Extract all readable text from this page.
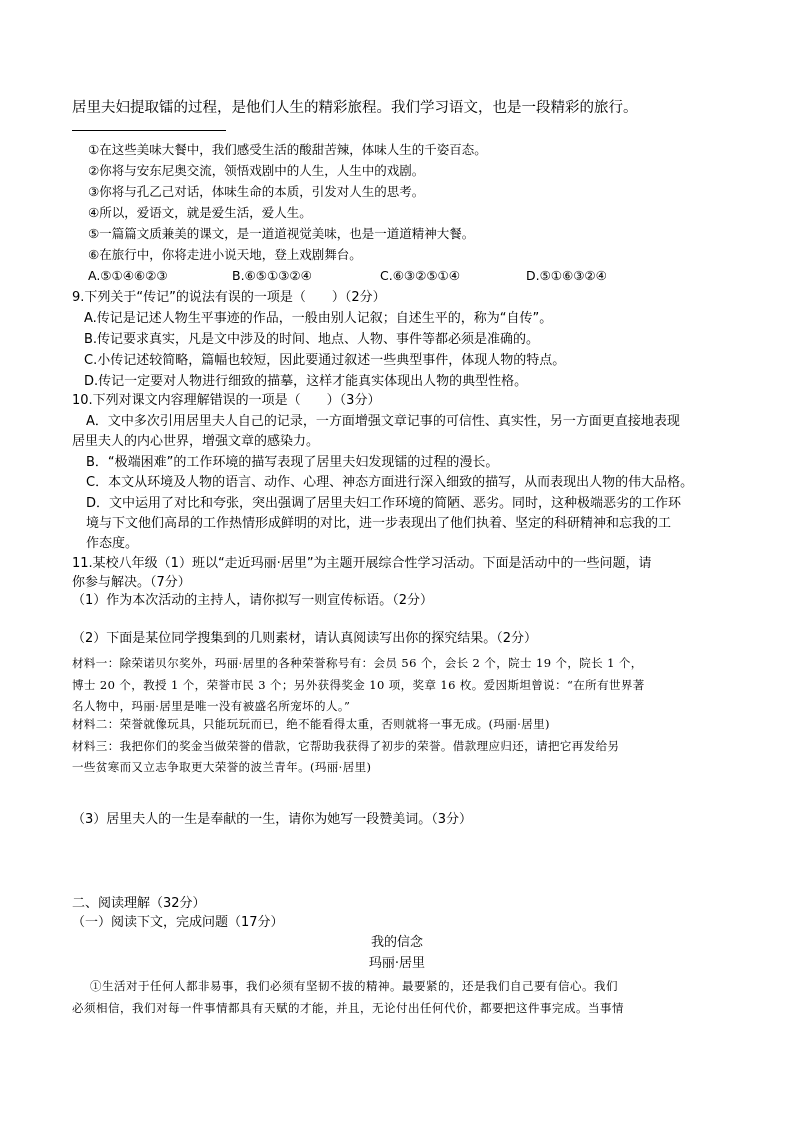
居里夫妇提取镭的过程，是他们人生的精彩旅程。我们学习语文，也是一段精彩的旅行。
①在这些美味大餐中，我们感受生活的酸甜苦辣，体味人生的千姿百态。
②你将与安东尼奥交流，领悟戏剧中的人生，人生中的戏剧。
③你将与孔乙己对话，体味生命的本质，引发对人生的思考。
④所以，爱语文，就是爱生活，爱人生。
⑤一篇篇文质兼美的课文，是一道道视觉美味，也是一道道精神大餐。
⑥在旅行中，你将走进小说天地，登上戏剧舞台。
A.⑤①④⑥②③	B.⑥⑤①③②④	C.⑥③②⑤①④	D.⑤①⑥③②④
9.下列关于“传记”的说法有误的一项是（　　）（2分）
A.传记是记述人物生平事迹的作品，一般由别人记叙；自述生平的，称为“自传”。
B.传记要求真实，凡是文中涉及的时间、地点、人物、事件等都必须是准确的。
C.小传记述较简略，篇幅也较短，因此要通过叙述一些典型事件，体现人物的特点。
D.传记一定要对人物进行细致的描摹，这样才能真实体现出人物的典型性格。
10.下列对课文内容理解错误的一项是（　　）（3分）
A．文中多次引用居里夫人自己的记录，一方面增强文章记事的可信性、真实性，另一方面更直接地表现
居里夫人的内心世界，增强文章的感染力。
B．“极端困难”的工作环境的描写表现了居里夫妇发现镭的过程的漫长。
C．本文从环境及人物的语言、动作、心理、神态方面进行深入细致的描写，从而表现出人物的伟大品格。
D．文中运用了对比和夸张，突出强调了居里夫妇工作环境的简陋、恶劣。同时，这种极端恶劣的工作环
境与下文他们高昂的工作热情形成鲜明的对比，进一步表现出了他们执着、坚定的科研精神和忘我的工
作态度。
11.某校八年级（1）班以“走近玛丽·居里”为主题开展综合性学习活动。下面是活动中的一些问题，请
你参与解决。（7分）
（1）作为本次活动的主持人，请你拟写一则宣传标语。（2分）
（2）下面是某位同学搜集到的几则素材，请认真阅读写出你的探究结果。（2分）
材料一：除荣诺贝尔奖外，玛丽·居里的各种荣誉称号有：会员 56 个，会长 2 个，院士 19 个，院长 1 个，
博士 20 个，教授 1 个，荣誉市民 3 个；另外获得奖金 10 项，奖章 16 枚。爱因斯坦曾说：“在所有世界著
名人物中，玛丽·居里是唯一没有被盛名所宠坏的人。”
材料二：荣誉就像玩具，只能玩玩而已，绝不能看得太重，否则就将一事无成。(玛丽·居里)
材料三：我把你们的奖金当做荣誉的借款，它帮助我获得了初步的荣誉。借款理应归还，请把它再发给另
一些贫寒而又立志争取更大荣誉的波兰青年。(玛丽·居里)
（3）居里夫人的一生是奉献的一生，请你为她写一段赞美词。（3分）
二、阅读理解（32分）
（一）阅读下文，完成问题（17分）
我的信念
玛丽·居里
①生活对于任何人都非易事，我们必须有坚韧不拔的精神。最要紧的，还是我们自己要有信心。我们
必须相信，我们对每一件事情都具有天赋的才能，并且，无论付出任何代价，都要把这件事完成。当事情
